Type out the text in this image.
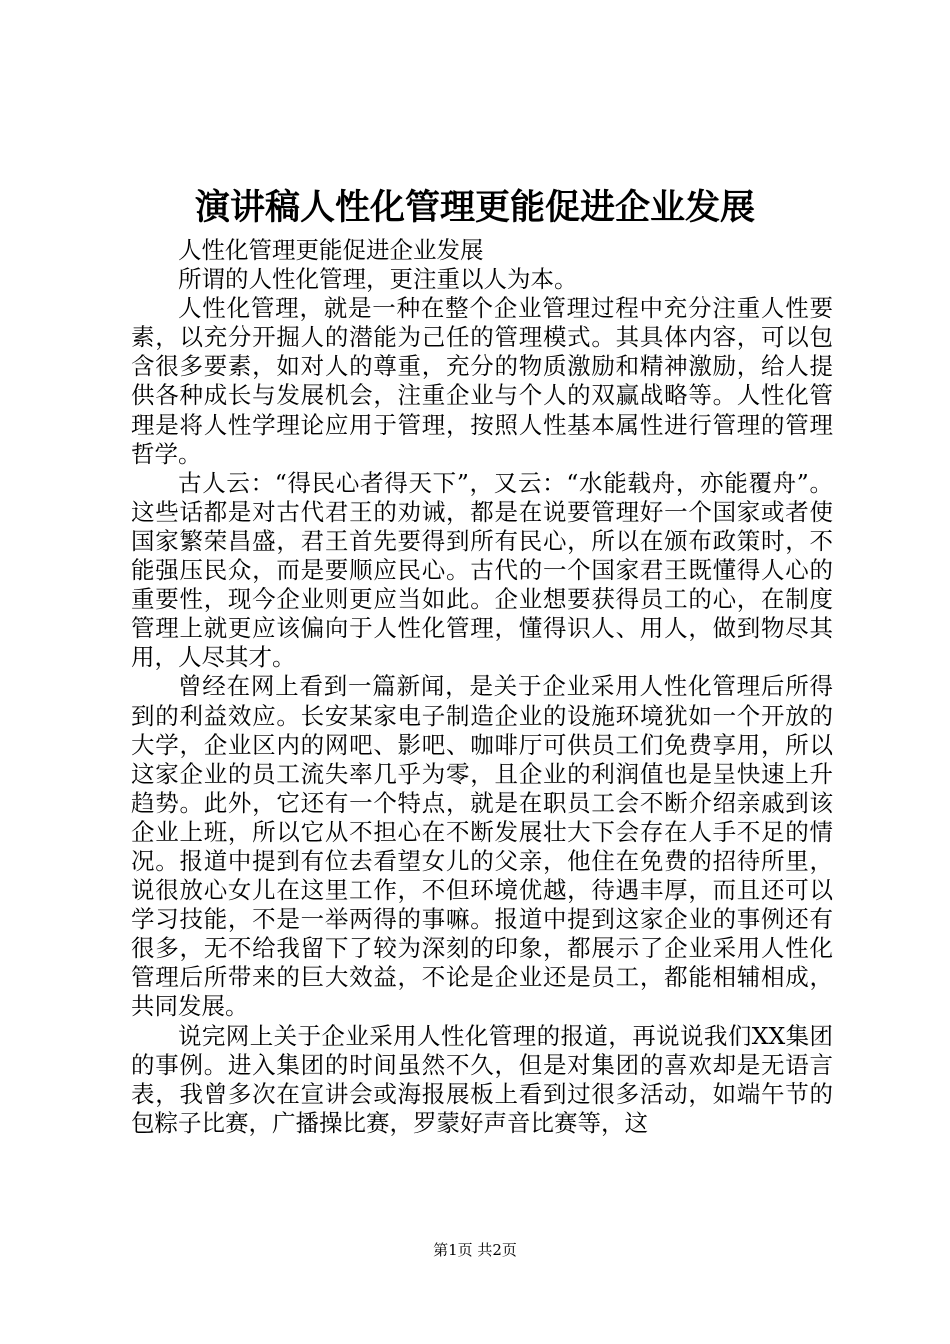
演讲稿人性化管理更能促进企业发展

人性化管理更能促进企业发展

所谓的人性化管理，更注重以人为本。

人性化管理，就是一种在整个企业管理过程中充分注重人性要素，以充分开掘人的潜能为己任的管理模式。其具体内容，可以包含很多要素，如对人的尊重，充分的物质激励和精神激励，给人提供各种成长与发展机会，注重企业与个人的双赢战略等。人性化管理是将人性学理论应用于管理，按照人性基本属性进行管理的管理哲学。

古人云：“得民心者得天下”，又云：“水能载舟，亦能覆舟”。这些话都是对古代君王的劝诫，都是在说要管理好一个国家或者使国家繁荣昌盛，君王首先要得到所有民心，所以在颁布政策时，不能强压民众，而是要顺应民心。古代的一个国家君王既懂得人心的重要性，现今企业则更应当如此。企业想要获得员工的心，在制度管理上就更应该偏向于人性化管理，懂得识人、用人，做到物尽其用，人尽其才。

曾经在网上看到一篇新闻，是关于企业采用人性化管理后所得到的利益效应。长安某家电子制造企业的设施环境犹如一个开放的大学，企业区内的网吧、影吧、咖啡厅可供员工们免费享用，所以这家企业的员工流失率几乎为零，且企业的利润值也是呈快速上升趋势。此外，它还有一个特点，就是在职员工会不断介绍亲戚到该企业上班，所以它从不担心在不断发展壮大下会存在人手不足的情况。报道中提到有位去看望女儿的父亲，他住在免费的招待所里，说很放心女儿在这里工作，不但环境优越，待遇丰厚，而且还可以学习技能，不是一举两得的事嘛。报道中提到这家企业的事例还有很多，无不给我留下了较为深刻的印象，都展示了企业采用人性化管理后所带来的巨大效益，不论是企业还是员工，都能相辅相成，共同发展。

说完网上关于企业采用人性化管理的报道，再说说我们XX集团的事例。进入集团的时间虽然不久，但是对集团的喜欢却是无语言表，我曾多次在宣讲会或海报展板上看到过很多活动，如端午节的包粽子比赛，广播操比赛，罗蒙好声音比赛等，这

第1页 共2页
